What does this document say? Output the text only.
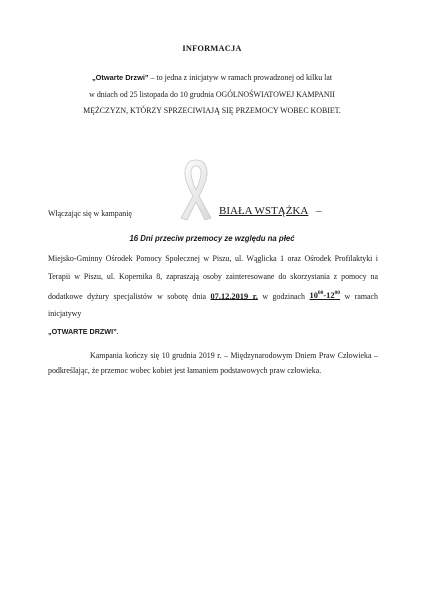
INFORMACJA
„Otwarte Drzwi” – to jedna z inicjatyw w ramach prowadzonej od kilku lat
w dniach od 25 listopada do 10 grudnia OGÓLNOŚWIATOWEJ KAMPANII
MĘŻCZYZN, KTÓRZY SPRZECIWIAJĄ SIĘ PRZEMOCY WOBEC KOBIET.
Włączając się w kampanię	BIAŁA WSTĄŻKA –
16 Dni przeciw przemocy ze względu na płeć
Miejsko-Gminny Ośrodek Pomocy Społecznej w Piszu, ul. Wąglicka 1 oraz Ośrodek Profilaktyki i Terapii w Piszu, ul. Kopernika 8, zapraszają osoby zainteresowane do skorzystania z pomocy na dodatkowe dyżury specjalistów w sobotę dnia 07.12.2019 r. w godzinach $10^{00}-12^{00}$ w ramach inicjatywy
„OTWARTE DRZWI”.
Kampania kończy się 10 grudnia 2019 r. – Międzynarodowym Dniem Praw Człowieka – podkreślając, że przemoc wobec kobiet jest łamaniem podstawowych praw człowieka.
